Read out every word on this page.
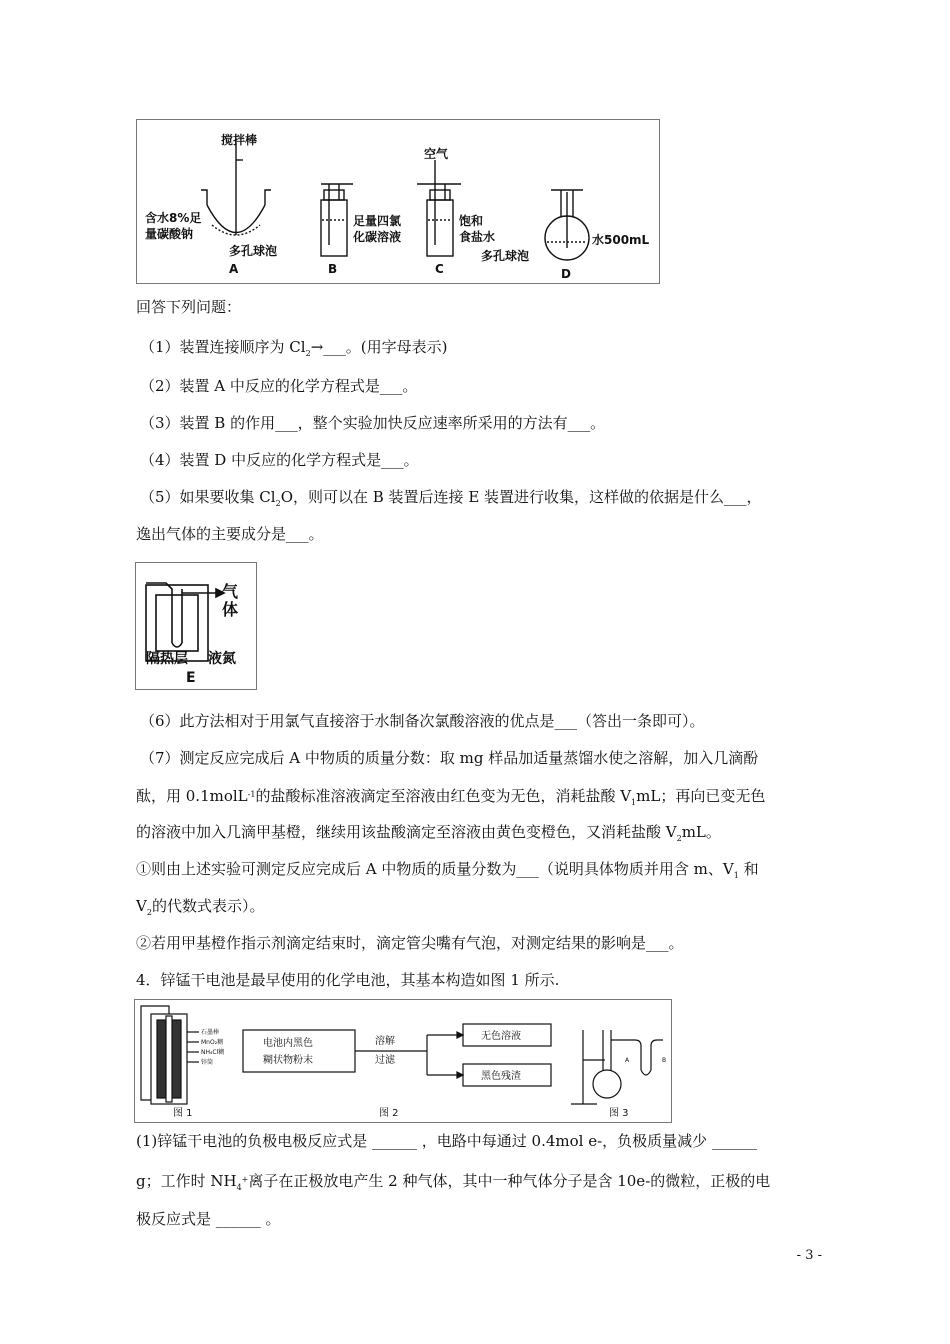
搅拌棒
含水8%足
量碳酸钠
多孔球泡
A
足量四氯
化碳溶液
B
空气
饱和
食盐水
C
多孔球泡
水500mL
D
回答下列问题：
（1）装置连接顺序为 $Cl_2\to\_\_\_$。(用字母表示)
（2）装置 A 中反应的化学方程式是___。
（3）装置 B 的作用___，整个实验加快反应速率所采用的方法有___。
（4）装置 D 中反应的化学方程式是___。
（5）如果要收集 $Cl_2O$，则可以在 B 装置后连接 E 装置进行收集，这样做的依据是什么___，
逸出气体的主要成分是___。
气
体
隔热层 液氮
E
（6）此方法相对于用氯气直接溶于水制备次氯酸溶液的优点是___（答出一条即可）。
（7）测定反应完成后 A 中物质的质量分数：取 mg 样品加适量蒸馏水使之溶解，加入几滴酚
酞，用 0.1molL$^{-1}$的盐酸标准溶液滴定至溶液由红色变为无色，消耗盐酸 $V_1mL$；再向已变无色
的溶液中加入几滴甲基橙，继续用该盐酸滴定至溶液由黄色变橙色，又消耗盐酸 $V_2mL$。
①则由上述实验可测定反应完成后 A 中物质的质量分数为___（说明具体物质并用含 m、$V_1$ 和
$V_2$的代数式表示）。
②若用甲基橙作指示剂滴定结束时，滴定管尖嘴有气泡，对测定结果的影响是___。
4．锌锰干电池是最早使用的化学电池，其基本构造如图 1 所示.
石墨棒
MnO₂糊
NH₄Cl糊
锌筒
图 1
电池内黑色
糊状物粉末
溶解
过滤
无色溶液
黑色残渣
图 2
A	B
图 3
(1)锌锰干电池的负极电极反应式是 ______ ，电路中每通过 0.4mol e-，负极质量减少 ______
g；工作时 $NH_4^+$离子在正极放电产生 2 种气体，其中一种气体分子是含 10e-的微粒，正极的电
极反应式是 ______ 。
- 3 -
